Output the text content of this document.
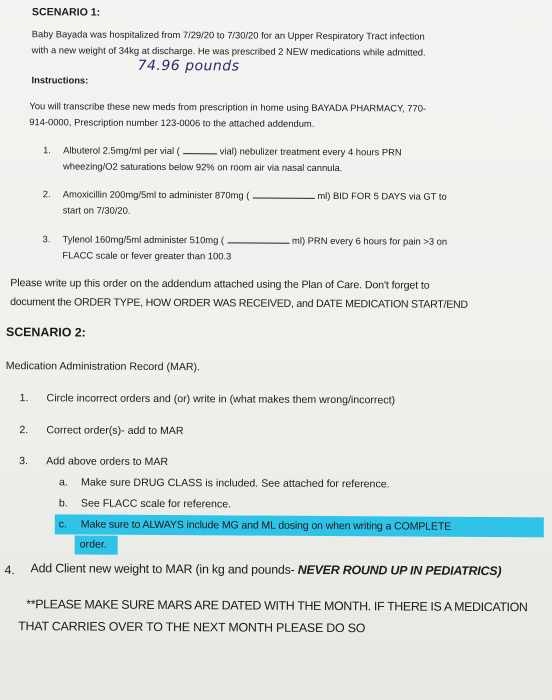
SCENARIO 1:
Baby Bayada was hospitalized from 7/29/20 to 7/30/20 for an Upper Respiratory Tract infection
with a new weight of 34kg at discharge. He was prescribed 2 NEW medications while admitted.
74.96 pounds
Instructions:
You will transcribe these new meds from prescription in home using BAYADA PHARMACY, 770-
914-0000, Prescription number 123-0006 to the attached addendum.
1. Albuterol 2.5mg/ml per vial (	vial) nebulizer treatment every 4 hours PRN
wheezing/O2 saturations below 92% on room air via nasal cannula.
2. Amoxicillin 200mg/5ml to administer 870mg (	ml) BID FOR 5 DAYS via GT to
start on 7/30/20.
3. Tylenol 160mg/5ml administer 510mg (	ml) PRN every 6 hours for pain >3 on
FLACC scale or fever greater than 100.3
Please write up this order on the addendum attached using the Plan of Care. Don't forget to
document the ORDER TYPE, HOW ORDER WAS RECEIVED, and DATE MEDICATION START/END
SCENARIO 2:
Medication Administration Record (MAR).
1. Circle incorrect orders and (or) write in (what makes them wrong/incorrect)
2. Correct order(s)- add to MAR
3. Add above orders to MAR
a. Make sure DRUG CLASS is included. See attached for reference.
b. See FLACC scale for reference.
c. Make sure to ALWAYS include MG and ML dosing on when writing a COMPLETE
order.
4. Add Client new weight to MAR (in kg and pounds- NEVER ROUND UP IN PEDIATRICS)
**PLEASE MAKE SURE MARS ARE DATED WITH THE MONTH. IF THERE IS A MEDICATION
THAT CARRIES OVER TO THE NEXT MONTH PLEASE DO SO
